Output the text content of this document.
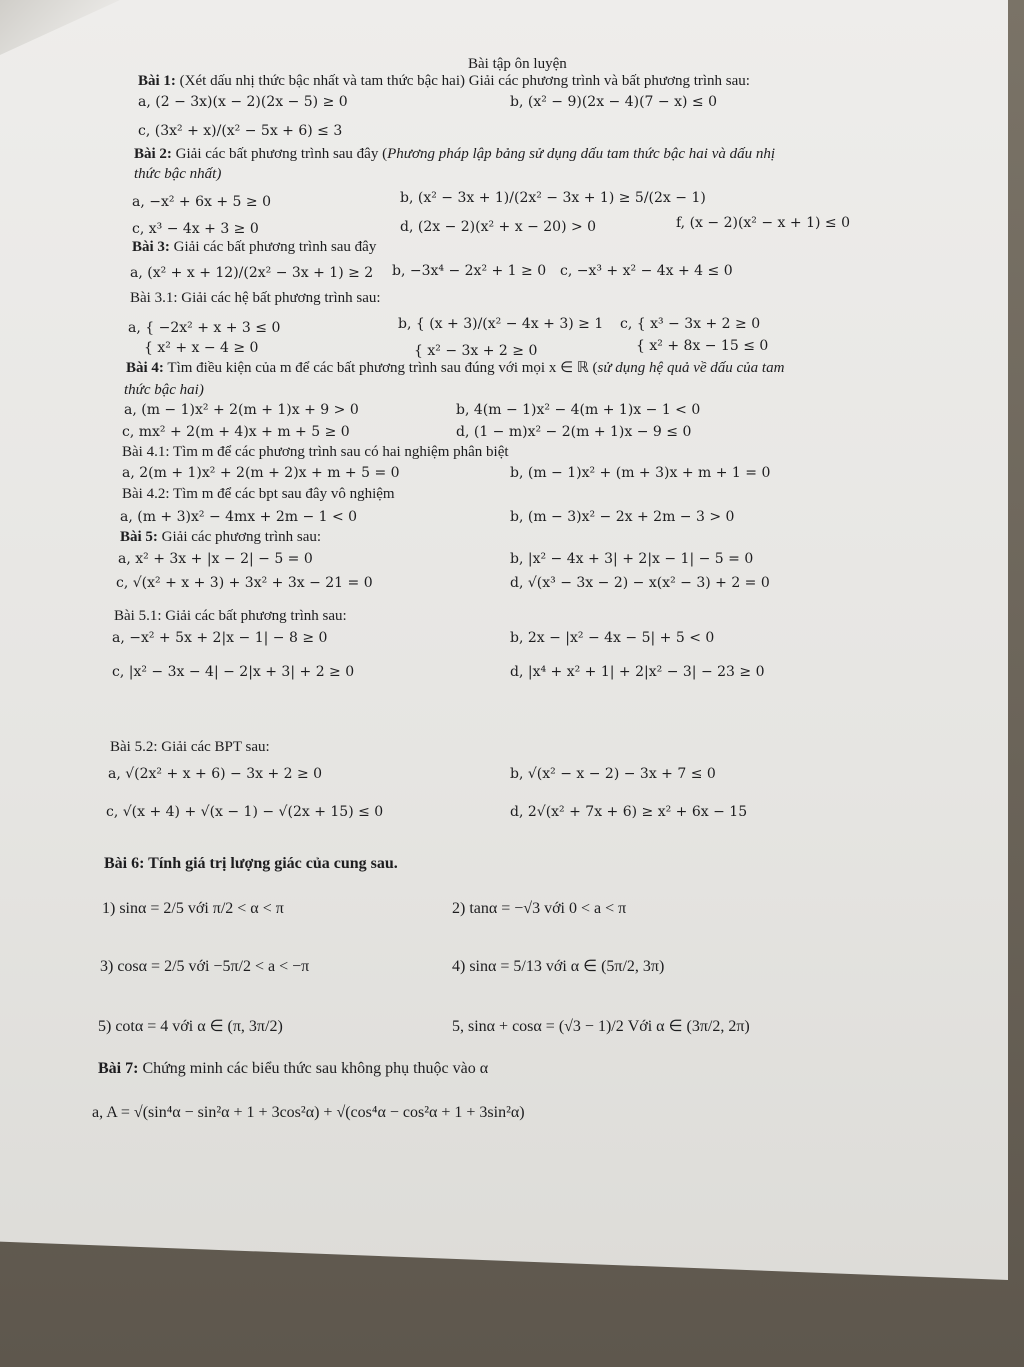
Bài tập ôn luyện
Bài 1: (Xét dấu nhị thức bậc nhất và tam thức bậc hai) Giải các phương trình và bất phương trình sau:
a, (2 − 3x)(x − 2)(2x − 5) ≥ 0	b, (x² − 9)(2x − 4)(7 − x) ≤ 0
c, (3x² + x)/(x² − 5x + 6) ≤ 3
Bài 2: Giải các bất phương trình sau đây (Phương pháp lập bảng sử dụng dấu tam thức bậc hai và dấu nhị
thức bậc nhất)
a, −x² + 6x + 5 ≥ 0	b, (x² − 3x + 1)/(2x² − 3x + 1) ≥ 5/(2x − 1)
c, x³ − 4x + 3 ≥ 0	d, (2x − 2)(x² + x − 20) > 0	f, (x − 2)(x² − x + 1) ≤ 0
Bài 3: Giải các bất phương trình sau đây
a, (x² + x + 12)/(2x² − 3x + 1) ≥ 2 b, −3x⁴ − 2x² + 1 ≥ 0 c, −x³ + x² − 4x + 4 ≤ 0
Bài 3.1: Giải các hệ bất phương trình sau:
a, { −2x² + x + 3 ≤ 0
{ x² + x − 4 ≥ 0
b, { (x + 3)/(x² − 4x + 3) ≥ 1
{ x² − 3x + 2 ≥ 0
c, { x³ − 3x + 2 ≥ 0
{ x² + 8x − 15 ≤ 0
Bài 4: Tìm điều kiện của m để các bất phương trình sau đúng với mọi x ∈ ℝ (sử dụng hệ quả về dấu của tam
thức bậc hai)
a, (m − 1)x² + 2(m + 1)x + 9 > 0	b, 4(m − 1)x² − 4(m + 1)x − 1 < 0
c, mx² + 2(m + 4)x + m + 5 ≥ 0	d, (1 − m)x² − 2(m + 1)x − 9 ≤ 0
Bài 4.1: Tìm m để các phương trình sau có hai nghiệm phân biệt
a, 2(m + 1)x² + 2(m + 2)x + m + 5 = 0	b, (m − 1)x² + (m + 3)x + m + 1 = 0
Bài 4.2: Tìm m để các bpt sau đây vô nghiệm
a, (m + 3)x² − 4mx + 2m − 1 < 0	b, (m − 3)x² − 2x + 2m − 3 > 0
Bài 5: Giải các phương trình sau:
a, x² + 3x + |x − 2| − 5 = 0	b, |x² − 4x + 3| + 2|x − 1| − 5 = 0
c, √(x² + x + 3) + 3x² + 3x − 21 = 0	d, √(x³ − 3x − 2) − x(x² − 3) + 2 = 0
Bài 5.1: Giải các bất phương trình sau:
a, −x² + 5x + 2|x − 1| − 8 ≥ 0	b, 2x − |x² − 4x − 5| + 5 < 0
c, |x² − 3x − 4| − 2|x + 3| + 2 ≥ 0	d, |x⁴ + x² + 1| + 2|x² − 3| − 23 ≥ 0
Bài 5.2: Giải các BPT sau:
a, √(2x² + x + 6) − 3x + 2 ≥ 0	b, √(x² − x − 2) − 3x + 7 ≤ 0
c, √(x + 4) + √(x − 1) − √(2x + 15) ≤ 0	d, 2√(x² + 7x + 6) ≥ x² + 6x − 15
Bài 6: Tính giá trị lượng giác của cung sau.
1) sinα = 2/5 với π/2 < α < π	2) tanα = −√3 với 0 < a < π
3) cosα = 2/5 với −5π/2 < a < −π	4) sinα = 5/13 với α ∈ (5π/2, 3π)
5) cotα = 4 với α ∈ (π, 3π/2)	5, sinα + cosα = (√3 − 1)/2 Với α ∈ (3π/2, 2π)
Bài 7: Chứng minh các biểu thức sau không phụ thuộc vào α
a, A = √(sin⁴α − sin²α + 1 + 3cos²α) + √(cos⁴α − cos²α + 1 + 3sin²α)
